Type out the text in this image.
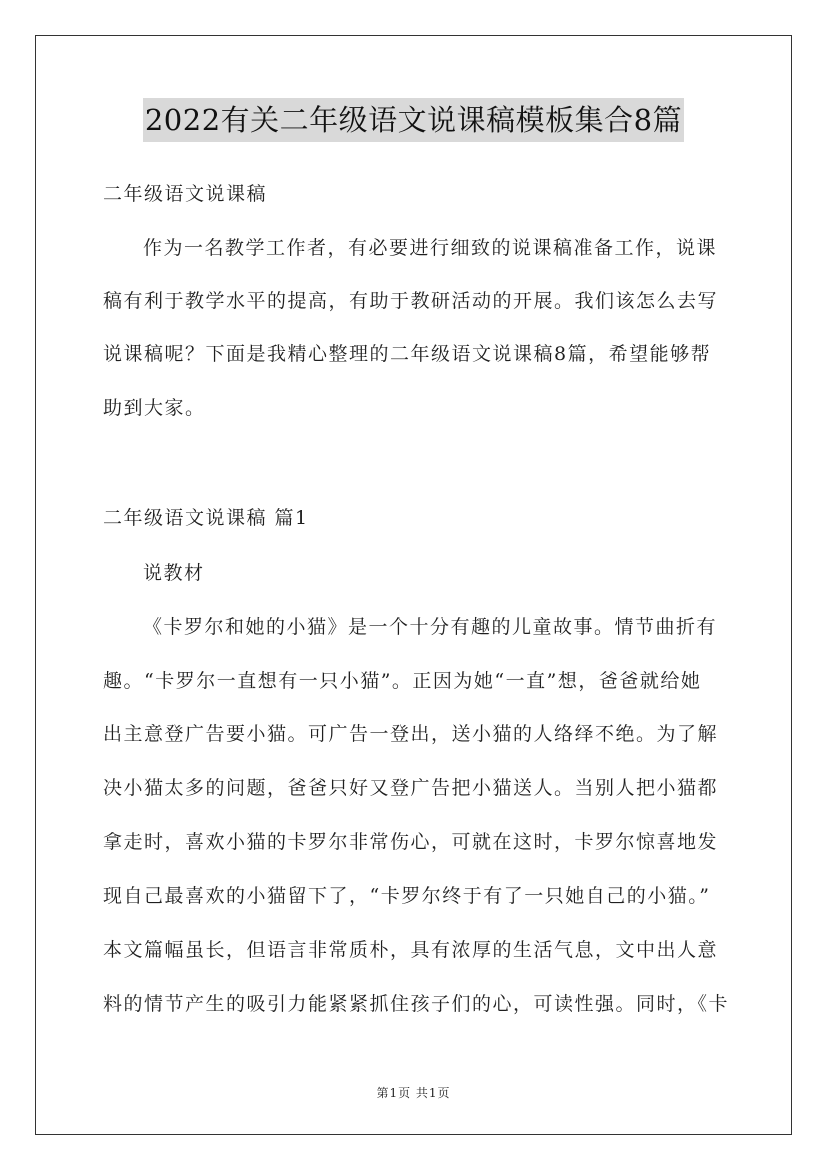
2022有关二年级语文说课稿模板集合8篇
二年级语文说课稿
作为一名教学工作者，有必要进行细致的说课稿准备工作，说课
稿有利于教学水平的提高，有助于教研活动的开展。我们该怎么去写
说课稿呢？下面是我精心整理的二年级语文说课稿8篇，希望能够帮
助到大家。
二年级语文说课稿 篇1
说教材
《卡罗尔和她的小猫》是一个十分有趣的儿童故事。情节曲折有
趣。“卡罗尔一直想有一只小猫”。正因为她“一直”想，爸爸就给她
出主意登广告要小猫。可广告一登出，送小猫的人络绎不绝。为了解
决小猫太多的问题，爸爸只好又登广告把小猫送人。当别人把小猫都
拿走时，喜欢小猫的卡罗尔非常伤心，可就在这时，卡罗尔惊喜地发
现自己最喜欢的小猫留下了，“卡罗尔终于有了一只她自己的小猫。”
本文篇幅虽长，但语言非常质朴，具有浓厚的生活气息，文中出人意
料的情节产生的吸引力能紧紧抓住孩子们的心，可读性强。同时，《卡
第1页 共1页
